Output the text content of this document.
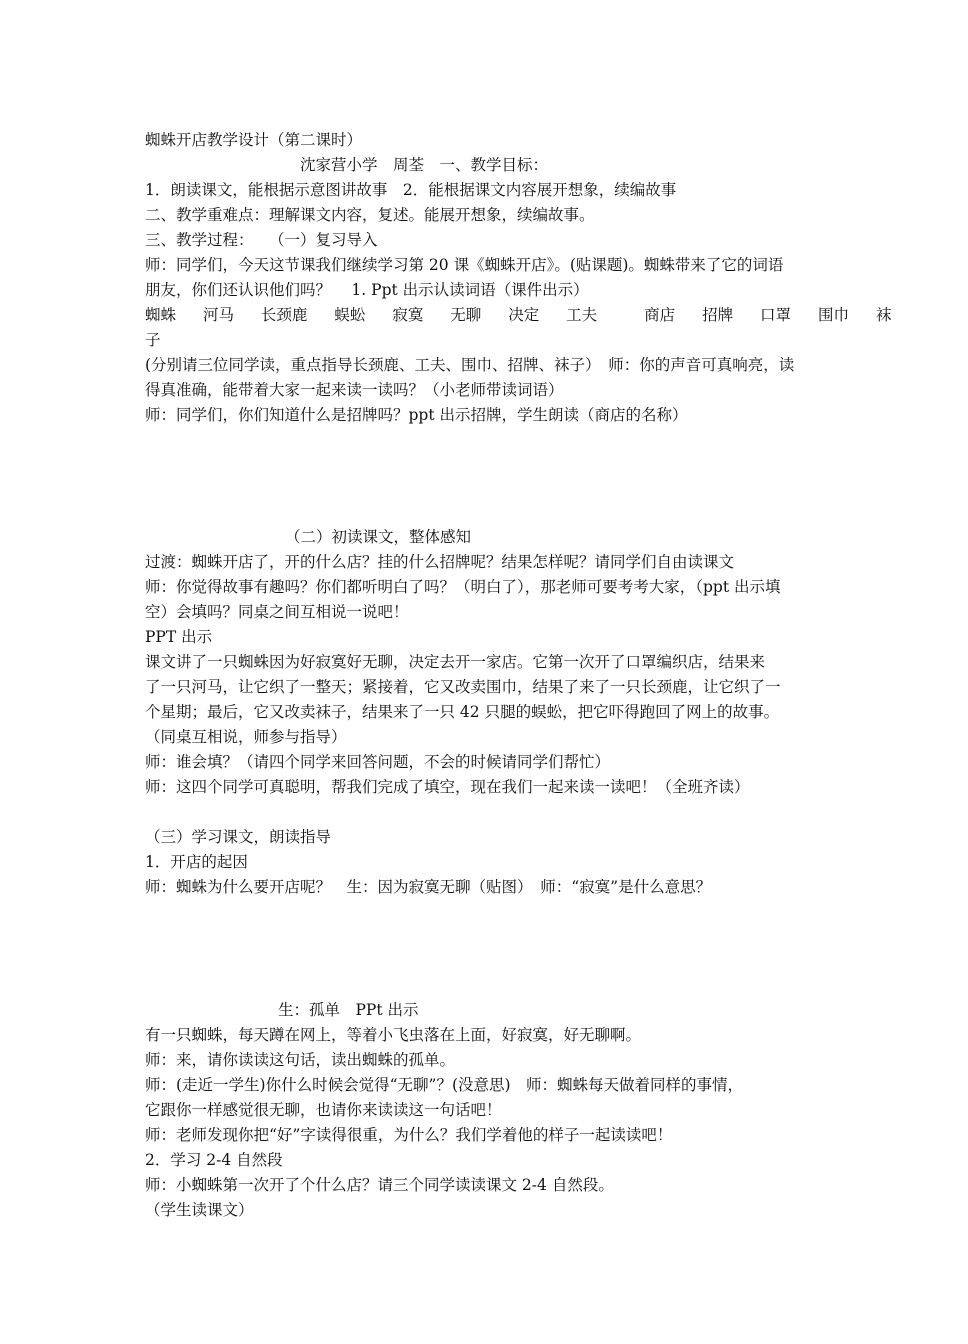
蜘蛛开店教学设计（第二课时）
沈家营小学　周荃　一、教学目标：
1．朗读课文，能根据示意图讲故事　2．能根据课文内容展开想象，续编故事
二、教学重难点：理解课文内容，复述。能展开想象，续编故事。
三、教学过程：　　（一）复习导入
师：同学们，今天这节课我们继续学习第 20 课《蜘蛛开店》。(贴课题)。蜘蛛带来了它的词语
朋友，你们还认识他们吗？　 1. Ppt 出示认读词语（课件出示）
蜘蛛 河马 长颈鹿 蜈蚣 寂寞 无聊 决定 工夫	商店 招牌 口罩 围巾 袜
子
(分别请三位同学读，重点指导长颈鹿、工夫、围巾、招牌、袜子）　师：你的声音可真响亮，读
得真准确，能带着大家一起来读一读吗？（小老师带读词语）
师：同学们，你们知道什么是招牌吗？ppt 出示招牌，学生朗读（商店的名称）
（二）初读课文，整体感知
过渡：蜘蛛开店了，开的什么店？挂的什么招牌呢？结果怎样呢？请同学们自由读课文
师：你觉得故事有趣吗？你们都听明白了吗？（明白了），那老师可要考考大家，（ppt 出示填
空）会填吗？同桌之间互相说一说吧！
PPT 出示
课文讲了一只蜘蛛因为好寂寞好无聊，决定去开一家店。它第一次开了口罩编织店，结果来
了一只河马，让它织了一整天；紧接着，它又改卖围巾，结果了来了一只长颈鹿，让它织了一
个星期；最后，它又改卖袜子，结果来了一只 42 只腿的蜈蚣，把它吓得跑回了网上的故事。
（同桌互相说，师参与指导）
师：谁会填？（请四个同学来回答问题，不会的时候请同学们帮忙）
师：这四个同学可真聪明，帮我们完成了填空，现在我们一起来读一读吧！（全班齐读）
（三）学习课文，朗读指导
1．开店的起因
师：蜘蛛为什么要开店呢？　生：因为寂寞无聊（贴图）　师：“寂寞”是什么意思？
生：孤单　PPt 出示
有一只蜘蛛，每天蹲在网上，等着小飞虫落在上面，好寂寞，好无聊啊。
师：来，请你读读这句话，读出蜘蛛的孤单。
师：(走近一学生)你什么时候会觉得“无聊”？(没意思)　师：蜘蛛每天做着同样的事情，
它跟你一样感觉很无聊，也请你来读读这一句话吧！
师：老师发现你把“好”字读得很重，为什么？我们学着他的样子一起读读吧！
2．学习 2-4 自然段
师：小蜘蛛第一次开了个什么店？请三个同学读读课文 2-4 自然段。
（学生读课文）
